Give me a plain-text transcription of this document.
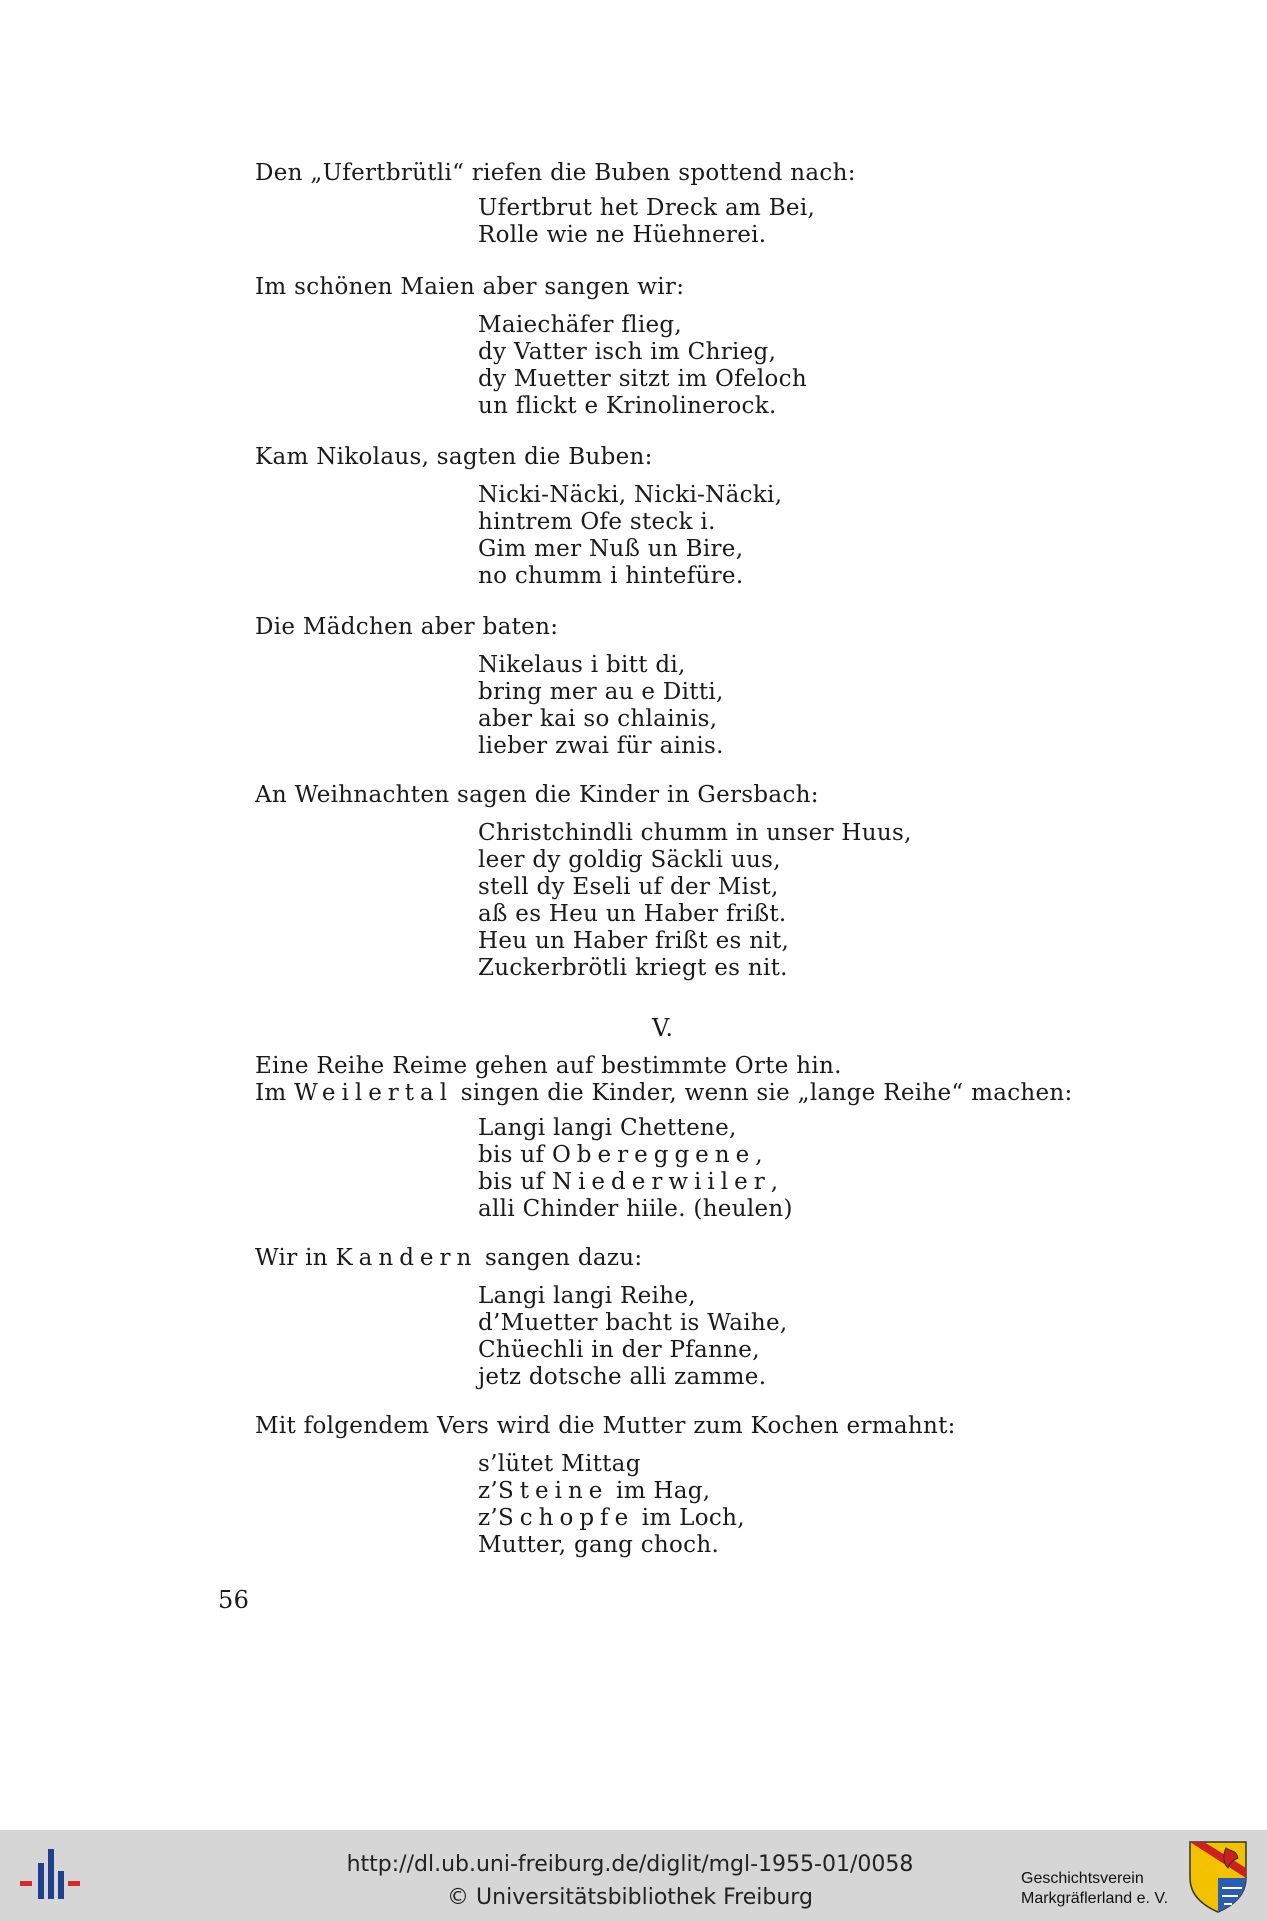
Den „Ufertbrütli“ riefen die Buben spottend nach:
Ufertbrut het Dreck am Bei,
Rolle wie ne Hüehnerei.
Im schönen Maien aber sangen wir:
Maiechäfer flieg,
dy Vatter isch im Chrieg,
dy Muetter sitzt im Ofeloch
un flickt e Krinolinerock.
Kam Nikolaus, sagten die Buben:
Nicki-Näcki, Nicki-Näcki,
hintrem Ofe steck i.
Gim mer Nuß un Bire,
no chumm i hintefüre.
Die Mädchen aber baten:
Nikelaus i bitt di,
bring mer au e Ditti,
aber kai so chlainis,
lieber zwai für ainis.
An Weihnachten sagen die Kinder in Gersbach:
Christchindli chumm in unser Huus,
leer dy goldig Säckli uus,
stell dy Eseli uf der Mist,
aß es Heu un Haber frißt.
Heu un Haber frißt es nit,
Zuckerbrötli kriegt es nit.
V.
Eine Reihe Reime gehen auf bestimmte Orte hin.
Im Weilertal singen die Kinder, wenn sie „lange Reihe“ machen:
Langi langi Chettene,
bis uf Obereggene,
bis uf Niederwiiler,
alli Chinder hiile. (heulen)
Wir in Kandern sangen dazu:
Langi langi Reihe,
d’Muetter bacht is Waihe,
Chüechli in der Pfanne,
jetz dotsche alli zamme.
Mit folgendem Vers wird die Mutter zum Kochen ermahnt:
s’lütet Mittag
z’Steine im Hag,
z’Schopfe im Loch,
Mutter, gang choch.
56
http://dl.ub.uni-freiburg.de/diglit/mgl-1955-01/0058
© Universitätsbibliothek Freiburg
Geschichtsverein
Markgräflerland e. V.
